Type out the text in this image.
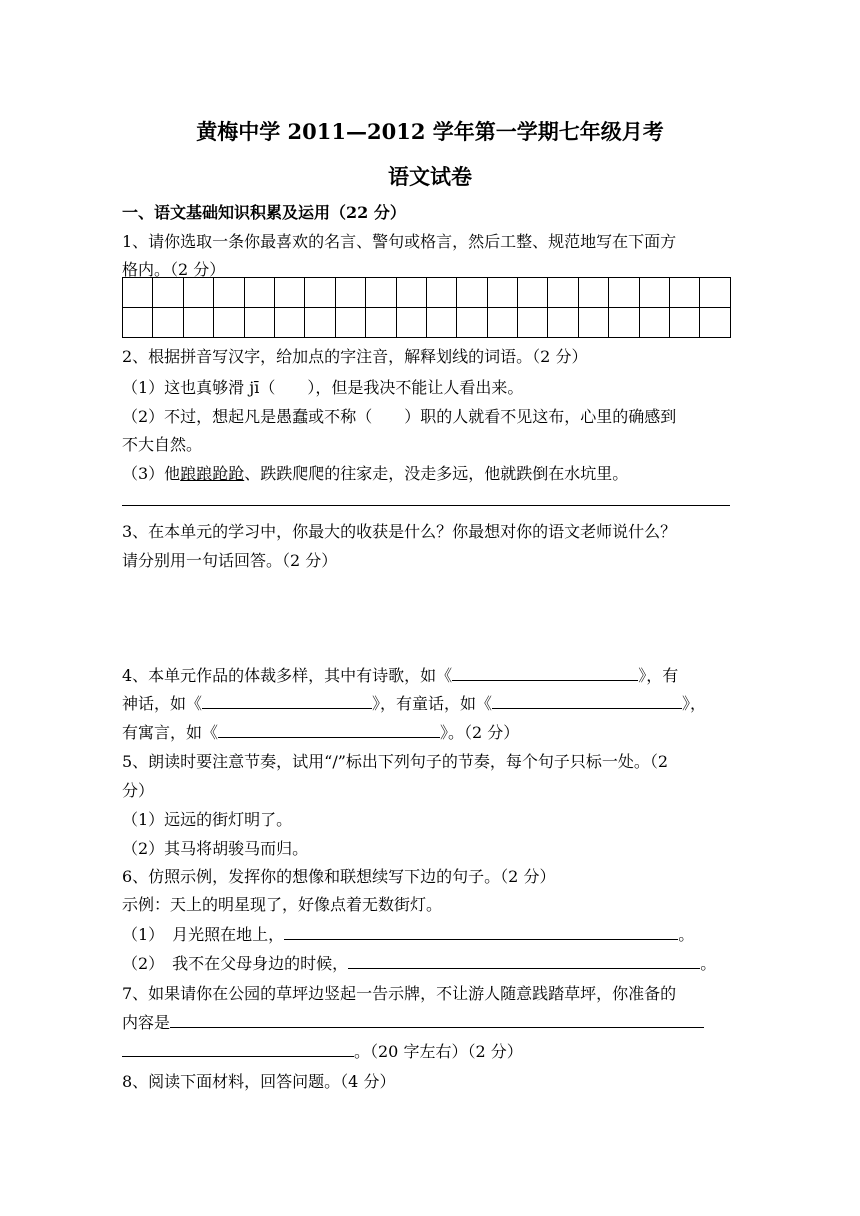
黄梅中学 2011—2012 学年第一学期七年级月考
语文试卷
一、语文基础知识积累及运用（22 分）
1、请你选取一条你最喜欢的名言、警句或格言，然后工整、规范地写在下面方
格内。（2 分）

2、根据拼音写汉字，给加点的字注音，解释划线的词语。（2 分）
（1）这也真够滑 jī（　　），但是我决不能让人看出来。
（2）不过，想起凡是愚蠢或不称 •（　　）职的人就看不见这布，心里的确感到
不大自然。
（3）他踉踉跄跄、跌跌爬爬的往家走，没走多远，他就跌倒在水坑里。
3、在本单元的学习中，你最大的收获是什么？你最想对你的语文老师说什么？
请分别用一句话回答。（2 分）
4、本单元作品的体裁多样，其中有诗歌，如《	》，有
神话，如《	》，有童话，如《	》，
有寓言，如《	》。（2 分）
5、朗读时要注意节奏，试用“/”标出下列句子的节奏，每个句子只标一处。（2
分）
（1）远远的街灯明了。
（2）其马将胡骏马而归。
6、仿照示例，发挥你的想像和联想续写下边的句子。（2 分）
示例：天上的明星现了，好像点着无数街灯。
（1）　月光照在地上，	。
（2）　我不在父母身边的时候，	。
7、如果请你在公园的草坪边竖起一告示牌，不让游人随意践踏草坪，你准备的
内容是
。（20 字左右）（2 分）
8、阅读下面材料，回答问题。（4 分）
